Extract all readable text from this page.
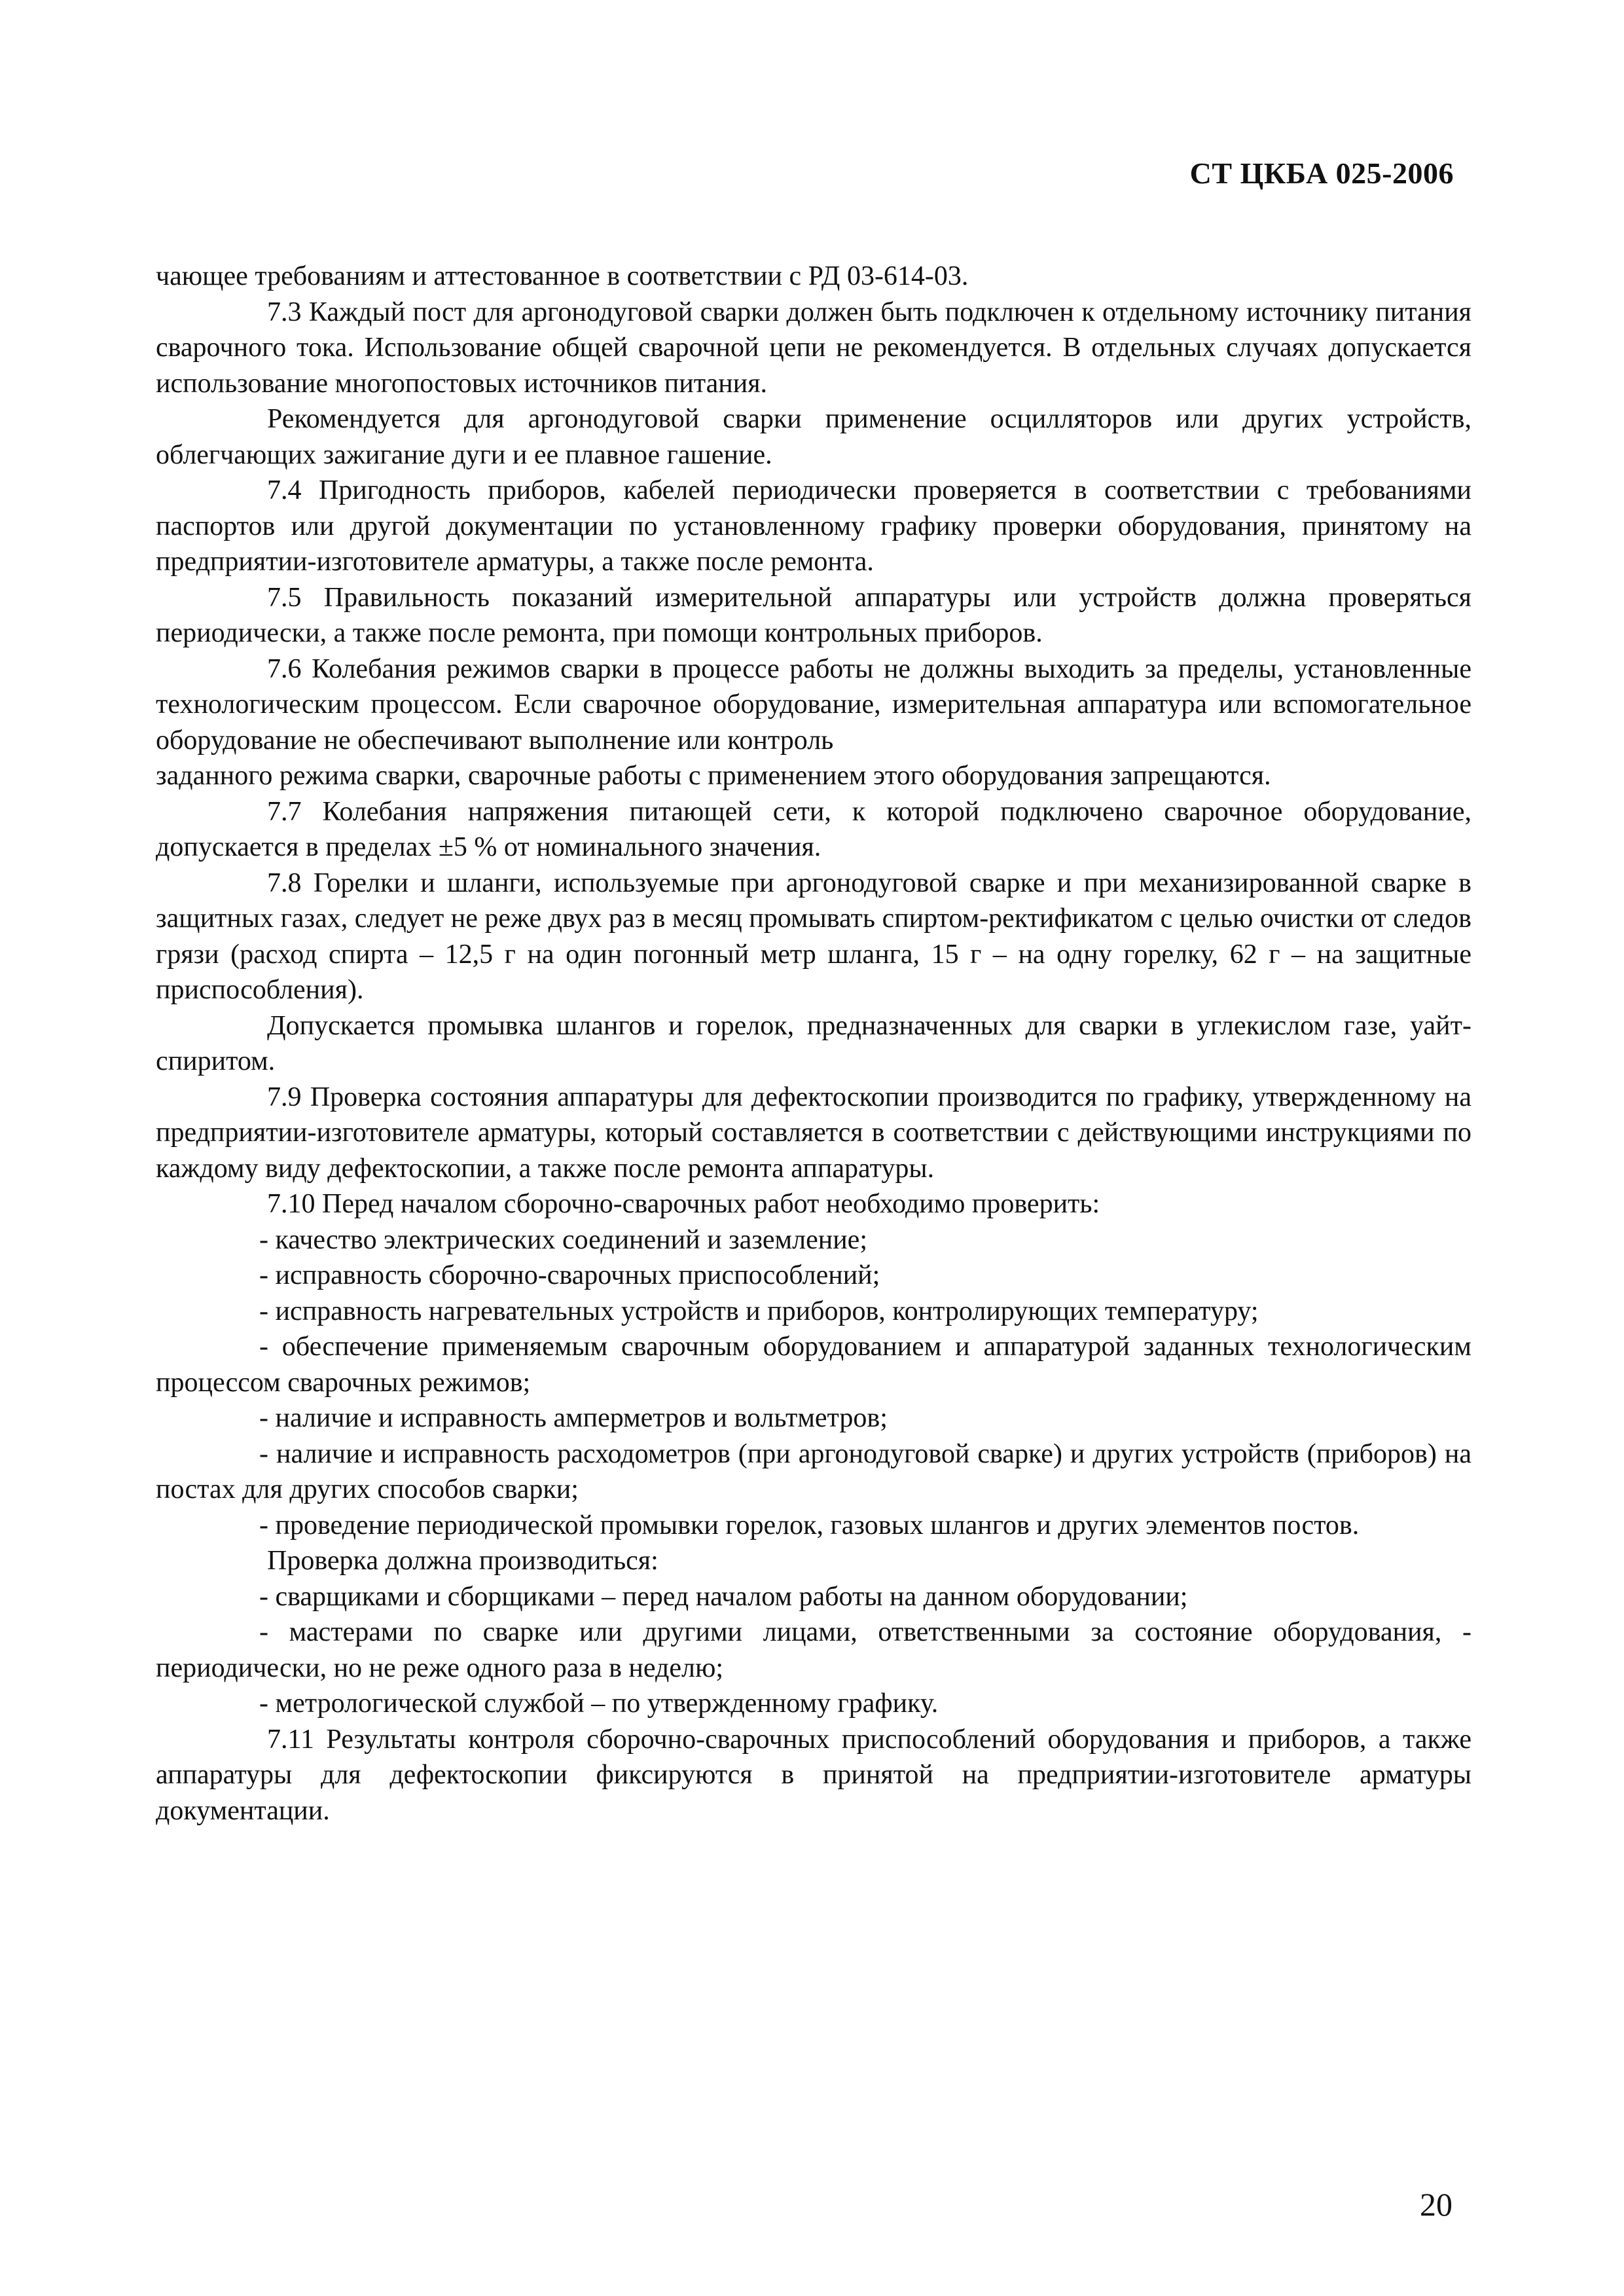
СТ ЦКБА 025-2006

чающее требованиям и аттестованное в соответствии с РД 03-614-03.

7.3 Каждый пост для аргонодуговой сварки должен быть подключен к отдельному источнику питания сварочного тока. Использование общей сварочной цепи не рекомендуется. В отдельных случаях допускается использование многопостовых источников питания.

Рекомендуется для аргонодуговой сварки применение осцилляторов или других устройств, облегчающих зажигание дуги и ее плавное гашение.

7.4 Пригодность приборов, кабелей периодически проверяется в соответствии с требованиями паспортов или другой документации по установленному графику проверки оборудования, принятому на предприятии-изготовителе арматуры, а также после ремонта.

7.5 Правильность показаний измерительной аппаратуры или устройств должна проверяться периодически, а также после ремонта, при помощи контрольных приборов.

7.6 Колебания режимов сварки в процессе работы не должны выходить за пределы, установленные технологическим процессом. Если сварочное оборудование, измерительная аппаратура или вспомогательное оборудование не обеспечивают выполнение или контроль

заданного режима сварки, сварочные работы с применением этого оборудования запрещаются.

7.7 Колебания напряжения питающей сети, к которой подключено сварочное оборудование, допускается в пределах ±5 % от номинального значения.

7.8 Горелки и шланги, используемые при аргонодуговой сварке и при механизированной сварке в защитных газах, следует не реже двух раз в месяц промывать спиртом-ректификатом с целью очистки от следов грязи (расход спирта – 12,5 г на один погонный метр шланга, 15 г – на одну горелку, 62 г – на защитные приспособления).

Допускается промывка шлангов и горелок, предназначенных для сварки в углекислом газе, уайт-спиритом.

7.9 Проверка состояния аппаратуры для дефектоскопии производится по графику, утвержденному на предприятии-изготовителе арматуры, который составляется в соответствии с действующими инструкциями по каждому виду дефектоскопии, а также после ремонта аппаратуры.

7.10 Перед началом сборочно-сварочных работ необходимо проверить:

- качество электрических соединений и заземление;

- исправность сборочно-сварочных приспособлений;

- исправность нагревательных устройств и приборов, контролирующих температуру;

- обеспечение применяемым сварочным оборудованием и аппаратурой заданных технологическим процессом сварочных режимов;

- наличие и исправность амперметров и вольтметров;

- наличие и исправность расходометров (при аргонодуговой сварке) и других устройств (приборов) на постах для других способов сварки;

- проведение периодической промывки горелок, газовых шлангов и других элементов постов.

Проверка должна производиться:

- сварщиками и сборщиками – перед началом работы на данном оборудовании;

- мастерами по сварке или другими лицами, ответственными за состояние оборудования, - периодически, но не реже одного раза в неделю;

- метрологической службой – по утвержденному графику.

7.11 Результаты контроля сборочно-сварочных приспособлений оборудования и приборов, а также аппаратуры для дефектоскопии фиксируются в принятой на предприятии-изготовителе арматуры документации.

20
